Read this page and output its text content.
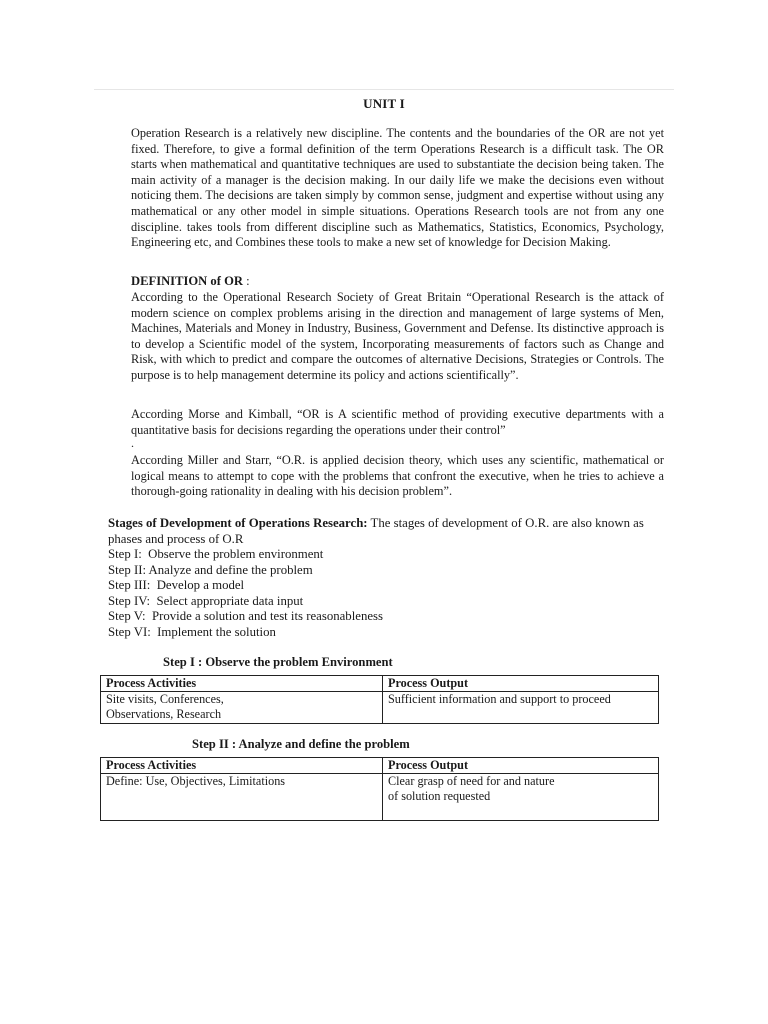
UNIT I
Operation Research is a relatively new discipline. The contents and the boundaries of the OR are not yet fixed. Therefore, to give a formal definition of the term Operations Research is a difficult task. The OR starts when mathematical and quantitative techniques are used to substantiate the decision being taken. The main activity of a manager is the decision making. In our daily life we make the decisions even without noticing them. The decisions are taken simply by common sense, judgment and expertise without using any mathematical or any other model in simple situations. Operations Research tools are not from any one discipline. takes tools from different discipline such as Mathematics, Statistics, Economics, Psychology, Engineering etc, and Combines these tools to make a new set of knowledge for Decision Making.
DEFINITION of OR :
According to the Operational Research Society of Great Britain “Operational Research is the attack of modern science on complex problems arising in the direction and management of large systems of Men, Machines, Materials and Money in Industry, Business, Government and Defense. Its distinctive approach is to develop a Scientific model of the system, Incorporating measurements of factors such as Change and Risk, with which to predict and compare the outcomes of alternative Decisions, Strategies or Controls. The purpose is to help management determine its policy and actions scientifically”.
According Morse and Kimball, “OR is A scientific method of providing executive departments with a quantitative basis for decisions regarding the operations under their control”
.
According Miller and Starr, “O.R. is applied decision theory, which uses any scientific, mathematical or logical means to attempt to cope with the problems that confront the executive, when he tries to achieve a thorough-going rationality in dealing with his decision problem”.
Stages of Development of Operations Research: The stages of development of O.R. are also known as phases and process of O.R
Step I:  Observe the problem environment
Step II: Analyze and define the problem
Step III:  Develop a model
Step IV:  Select appropriate data input
Step V:  Provide a solution and test its reasonableness
Step VI:  Implement the solution
Step I : Observe the problem Environment
Process Activities	Process Output

Site visits, Conferences,
Observations, Research	Sufficient information and support to proceed
Step II : Analyze and define the problem
Process Activities	Process Output

Define: Use, Objectives, Limitations	Clear grasp of need for and nature
of solution requested
